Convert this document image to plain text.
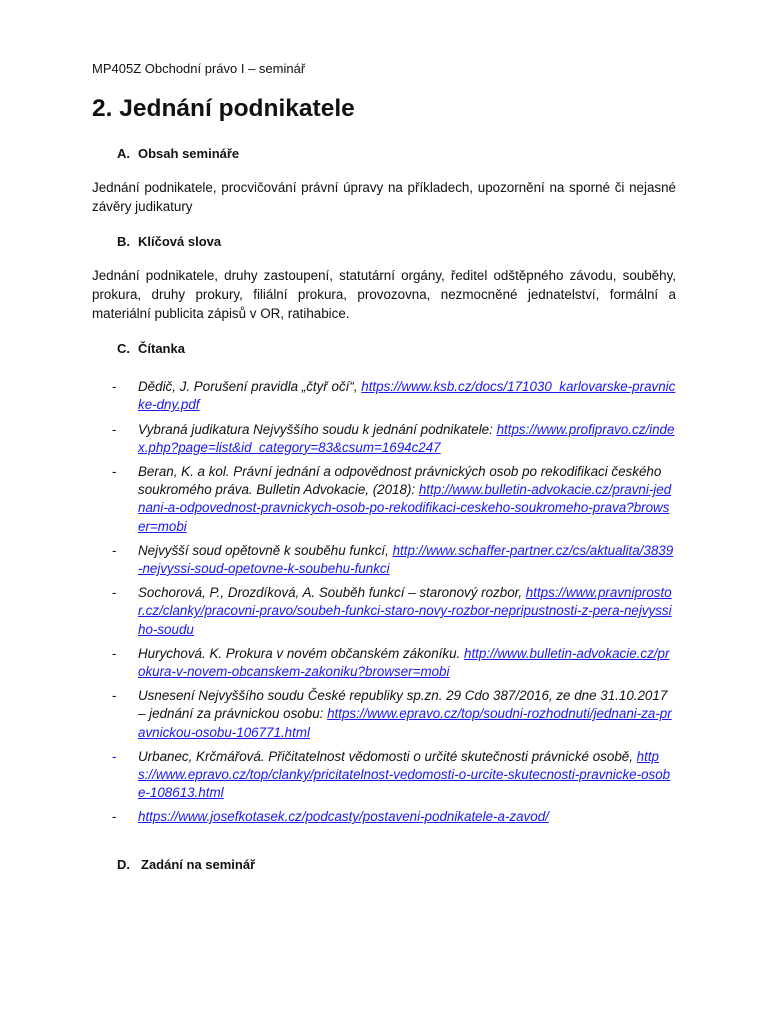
MP405Z Obchodní právo I – seminář
2. Jednání podnikatele
A. Obsah semináře

Jednání podnikatele, procvičování právní úpravy na příkladech, upozornění na sporné či nejasné závěry judikatury

B. Klíčová slova

Jednání podnikatele, druhy zastoupení, statutární orgány, ředitel odštěpného závodu, souběhy, prokura, druhy prokury, filiální prokura, provozovna, nezmocněné jednatelství, formální a materiální publicita zápisů v OR, ratihabice.

C. Čítanka
-	Dědič, J. Porušení pravidla „čtyř očí“, https://www.ksb.cz/docs/171030_karlovarske-pravnicke-dny.pdf
-	Vybraná judikatura Nejvyššího soudu k jednání podnikatele: https://www.profipravo.cz/index.php?page=list&id_category=83&csum=1694c247
-	Beran, K. a kol. Právní jednání a odpovědnost právnických osob po rekodifikaci českého soukromého práva. Bulletin Advokacie, (2018): http://www.bulletin-advokacie.cz/pravni-jednani-a-odpovednost-pravnickych-osob-po-rekodifikaci-ceskeho-soukromeho-prava?browser=mobi
-	Nejvyšší soud opětovně k souběhu funkcí, http://www.schaffer-partner.cz/cs/aktualita/3839-nejvyssi-soud-opetovne-k-soubehu-funkci
-	Sochorová, P., Drozdíková, A. Souběh funkcí – staronový rozbor, https://www.pravniprostor.cz/clanky/pracovni-pravo/soubeh-funkci-staro-novy-rozbor-nepripustnosti-z-pera-nejvyssiho-soudu
-	Hurychová. K. Prokura v novém občanském zákoníku. http://www.bulletin-advokacie.cz/prokura-v-novem-obcanskem-zakoniku?browser=mobi
-	Usnesení Nejvyššího soudu České republiky sp.zn. 29 Cdo 387/2016, ze dne 31.10.2017 – jednání za právnickou osobu: https://www.epravo.cz/top/soudni-rozhodnuti/jednani-za-pravnickou-osobu-106771.html
-	Urbanec, Krčmářová. Přičitatelnost vědomosti o určité skutečnosti právnické osobě, https://www.epravo.cz/top/clanky/pricitatelnost-vedomosti-o-urcite-skutecnosti-pravnicke-osobe-108613.html
-	https://www.josefkotasek.cz/podcasty/postaveni-podnikatele-a-zavod/
D. Zadání na seminář
